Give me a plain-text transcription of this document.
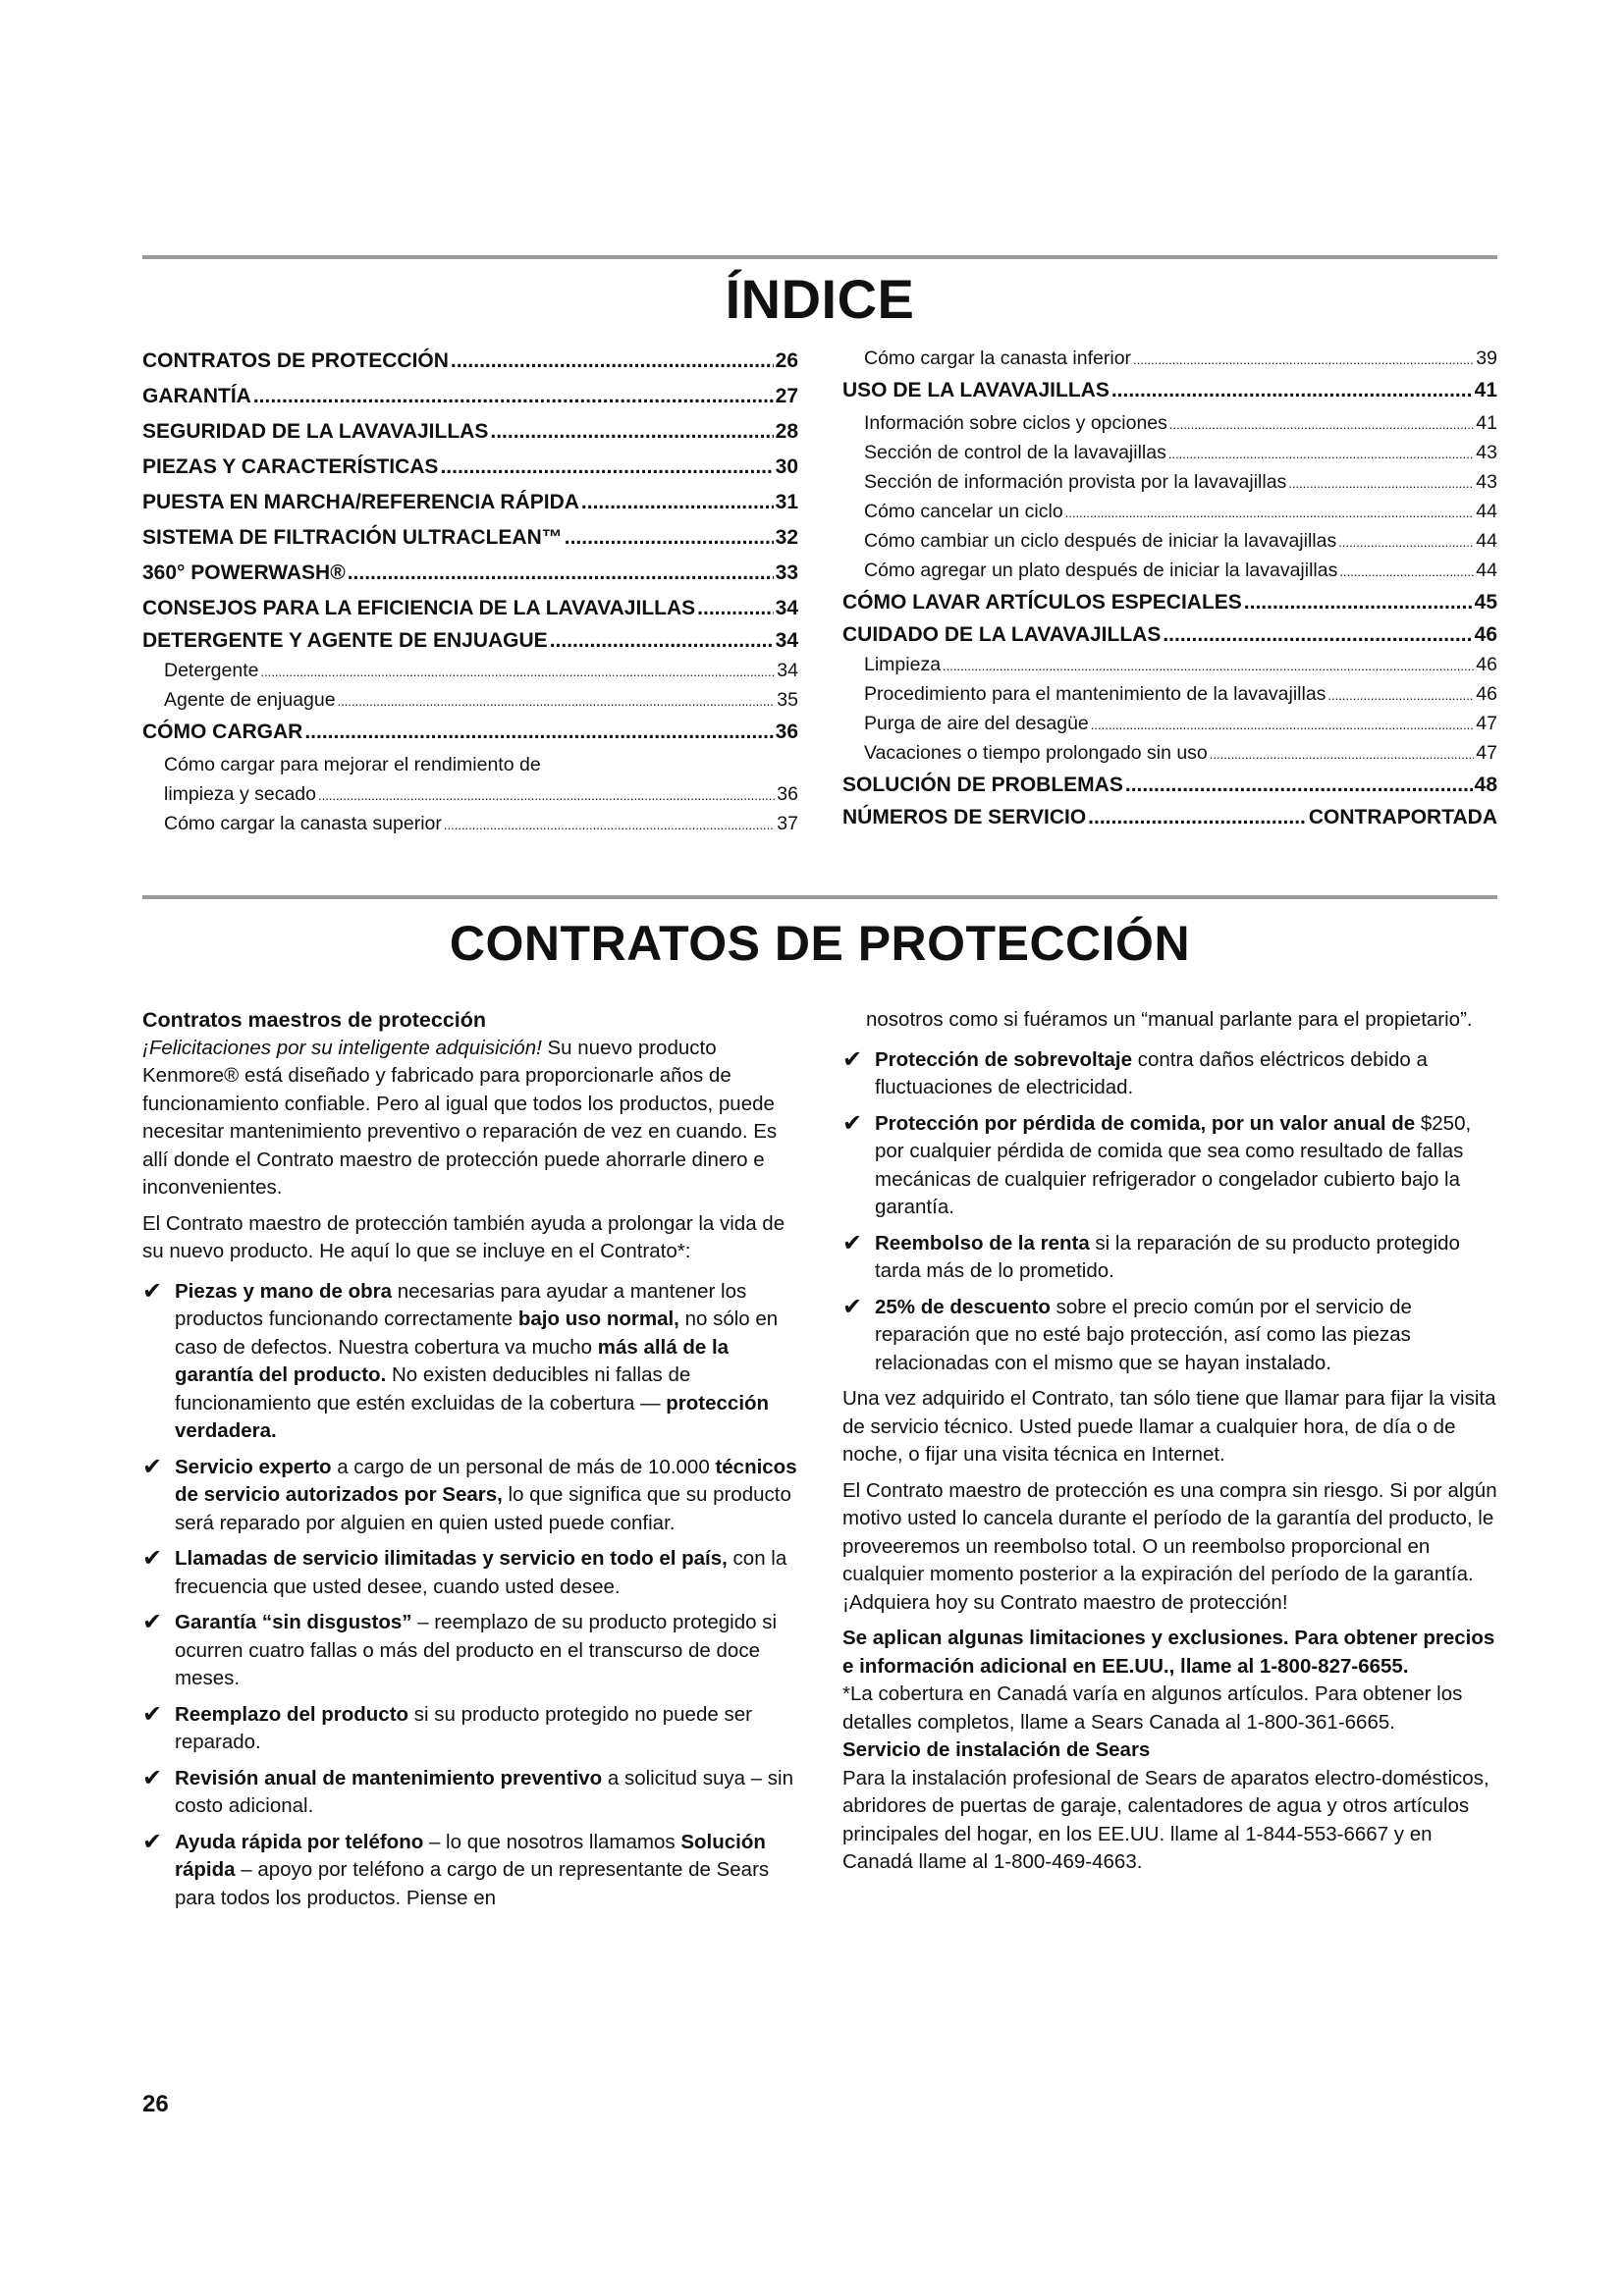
ÍNDICE
CONTRATOS DE PROTECCIÓN .....	26
GARANTÍA .....	27
SEGURIDAD DE LA LAVAVAJILLAS .....	28
PIEZAS Y CARACTERÍSTICAS .....	30
PUESTA EN MARCHA/REFERENCIA RÁPIDA .....	31
SISTEMA DE FILTRACIÓN ULTRACLEAN™ .....	32
360° POWERWASH® .....	33
CONSEJOS PARA LA EFICIENCIA DE LA LAVAVAJILLAS .....	34
DETERGENTE Y AGENTE DE ENJUAGUE .....	34
Detergente .....	34
Agente de enjuague .....	35
CÓMO CARGAR .....	36
Cómo cargar para mejorar el rendimiento de
limpieza y secado .....	36
Cómo cargar la canasta superior .....	37
Cómo cargar la canasta inferior .....	39
USO DE LA LAVAVAJILLAS .....	41
Información sobre ciclos y opciones .....	41
Sección de control de la lavavajillas .....	43
Sección de información provista por la lavavajillas .....	43
Cómo cancelar un ciclo .....	44
Cómo cambiar un ciclo después de iniciar la lavavajillas .....	44
Cómo agregar un plato después de iniciar la lavavajillas .....	44
CÓMO LAVAR ARTÍCULOS ESPECIALES .....	45
CUIDADO DE LA LAVAVAJILLAS .....	46
Limpieza .....	46
Procedimiento para el mantenimiento de la lavavajillas .....	46
Purga de aire del desagüe .....	47
Vacaciones o tiempo prolongado sin uso .....	47
SOLUCIÓN DE PROBLEMAS .....	48
NÚMEROS DE SERVICIO .....	CONTRAPORTADA
CONTRATOS DE PROTECCIÓN

Contratos maestros de protección

¡Felicitaciones por su inteligente adquisición! Su nuevo producto Kenmore® está diseñado y fabricado para proporcionarle años de funcionamiento confiable. Pero al igual que todos los productos, puede necesitar mantenimiento preventivo o reparación de vez en cuando. Es allí donde el Contrato maestro de protección puede ahorrarle dinero e inconvenientes.

El Contrato maestro de protección también ayuda a prolongar la vida de su nuevo producto. He aquí lo que se incluye en el Contrato*:

✔ Piezas y mano de obra necesarias para ayudar a mantener los productos funcionando correctamente bajo uso normal, no sólo en caso de defectos. Nuestra cobertura va mucho más allá de la garantía del producto. No existen deducibles ni fallas de funcionamiento que estén excluidas de la cobertura — protección verdadera.

✔ Servicio experto a cargo de un personal de más de 10.000 técnicos de servicio autorizados por Sears, lo que significa que su producto será reparado por alguien en quien usted puede confiar.

✔ Llamadas de servicio ilimitadas y servicio en todo el país, con la frecuencia que usted desee, cuando usted desee.

✔ Garantía “sin disgustos” – reemplazo de su producto protegido si ocurren cuatro fallas o más del producto en el transcurso de doce meses.

✔ Reemplazo del producto si su producto protegido no puede ser reparado.

✔ Revisión anual de mantenimiento preventivo a solicitud suya – sin costo adicional.

✔ Ayuda rápida por teléfono – lo que nosotros llamamos Solución rápida – apoyo por teléfono a cargo de un representante de Sears para todos los productos. Piense en

nosotros como si fuéramos un “manual parlante para el propietario”.

✔ Protección de sobrevoltaje contra daños eléctricos debido a fluctuaciones de electricidad.

✔ Protección por pérdida de comida, por un valor anual de $250, por cualquier pérdida de comida que sea como resultado de fallas mecánicas de cualquier refrigerador o congelador cubierto bajo la garantía.

✔ Reembolso de la renta si la reparación de su producto protegido tarda más de lo prometido.

✔ 25% de descuento sobre el precio común por el servicio de reparación que no esté bajo protección, así como las piezas relacionadas con el mismo que se hayan instalado.

Una vez adquirido el Contrato, tan sólo tiene que llamar para fijar la visita de servicio técnico. Usted puede llamar a cualquier hora, de día o de noche, o fijar una visita técnica en Internet.

El Contrato maestro de protección es una compra sin riesgo. Si por algún motivo usted lo cancela durante el período de la garantía del producto, le proveeremos un reembolso total. O un reembolso proporcional en cualquier momento posterior a la expiración del período de la garantía. ¡Adquiera hoy su Contrato maestro de protección!

Se aplican algunas limitaciones y exclusiones. Para obtener precios e información adicional en EE.UU., llame al 1-800-827-6655.

*La cobertura en Canadá varía en algunos artículos. Para obtener los detalles completos, llame a Sears Canada al 1-800-361-6665.

Servicio de instalación de Sears

Para la instalación profesional de Sears de aparatos electro-domésticos, abridores de puertas de garaje, calentadores de agua y otros artículos principales del hogar, en los EE.UU. llame al 1-844-553-6667 y en Canadá llame al 1-800-469-4663.

26
